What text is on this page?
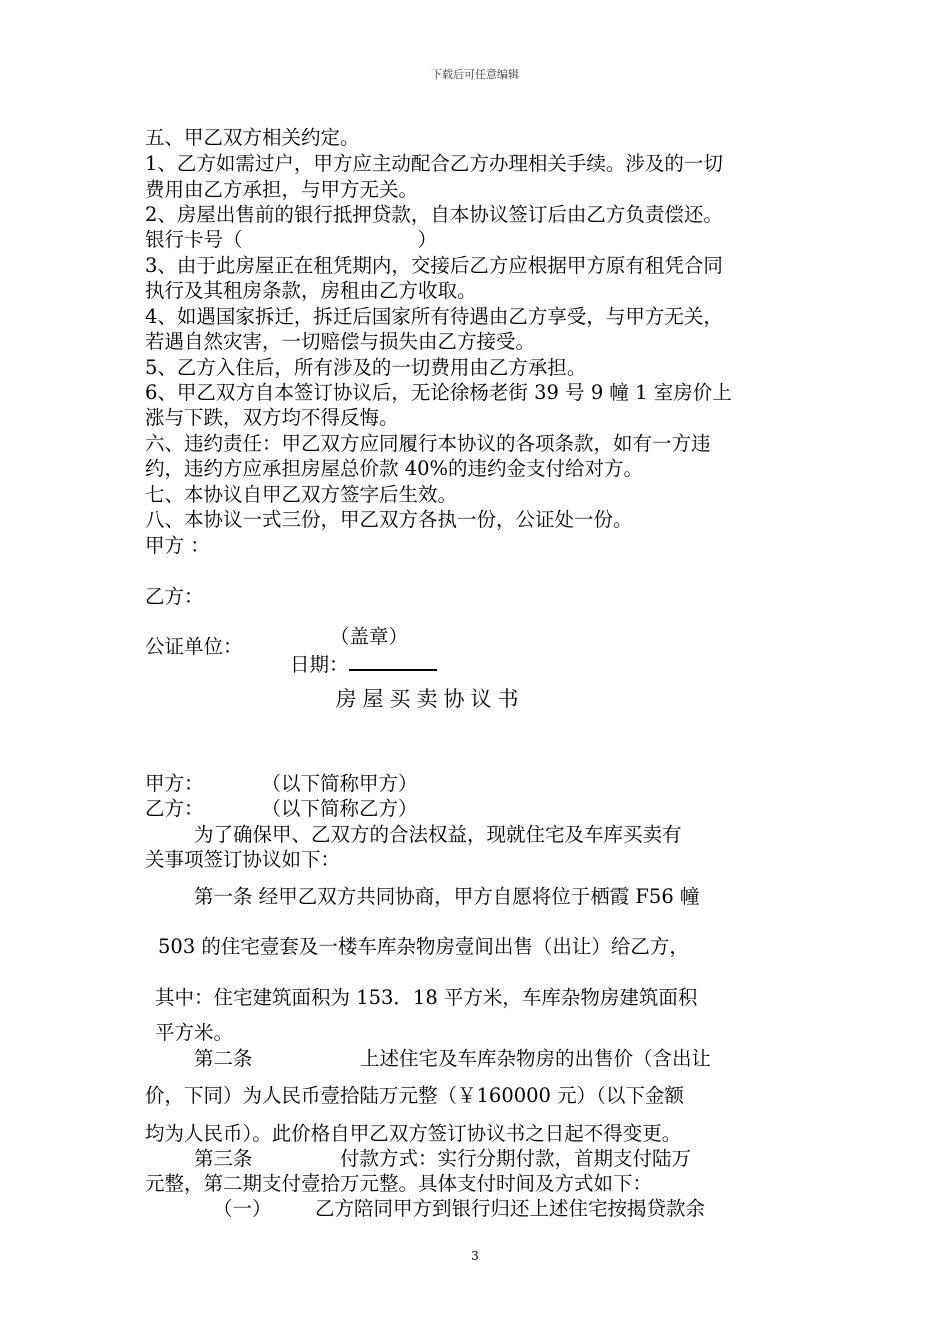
下载后可任意编辑
五、甲乙双方相关约定。
1、乙方如需过户，甲方应主动配合乙方办理相关手续。涉及的一切
费用由乙方承担，与甲方无关。
2、房屋出售前的银行抵押贷款，自本协议签订后由乙方负责偿还。
银行卡号（	）
3、由于此房屋正在租凭期内，交接后乙方应根据甲方原有租凭合同
执行及其租房条款，房租由乙方收取。
4、如遇国家拆迁，拆迁后国家所有待遇由乙方享受，与甲方无关，
若遇自然灾害，一切赔偿与损失由乙方接受。
5、乙方入住后，所有涉及的一切费用由乙方承担。
6、甲乙双方自本签订协议后，无论徐杨老街 39 号 9 幢 1 室房价上
涨与下跌，双方均不得反悔。
六、违约责任：甲乙双方应同履行本协议的各项条款，如有一方违
约，违约方应承担房屋总价款 40%的违约金支付给对方。
七、本协议自甲乙双方签字后生效。
八、本协议一式三份，甲乙双方各执一份，公证处一份。
甲方 ：
乙方：
公证单位：	（盖章）
日期：
房屋买卖协议书
甲方：	（以下简称甲方）
乙方：	（以下简称乙方）
为了确保甲、乙双方的合法权益，现就住宅及车库买卖有
关事项签订协议如下：
第一条 经甲乙双方共同协商，甲方自愿将位于栖霞 F56 幢
503 的住宅壹套及一楼车库杂物房壹间出售（出让）给乙方，
其中：住宅建筑面积为 153．18 平方米，车库杂物房建筑面积
平方米。
第二条	上述住宅及车库杂物房的出售价（含出让
价，下同）为人民币壹拾陆万元整（￥160000 元）（以下金额
均为人民币）。此价格自甲乙双方签订协议书之日起不得变更。
第三条	付款方式：实行分期付款，首期支付陆万
元整，第二期支付壹拾万元整。具体支付时间及方式如下：
（一） 乙方陪同甲方到银行归还上述住宅按揭贷款余
3
